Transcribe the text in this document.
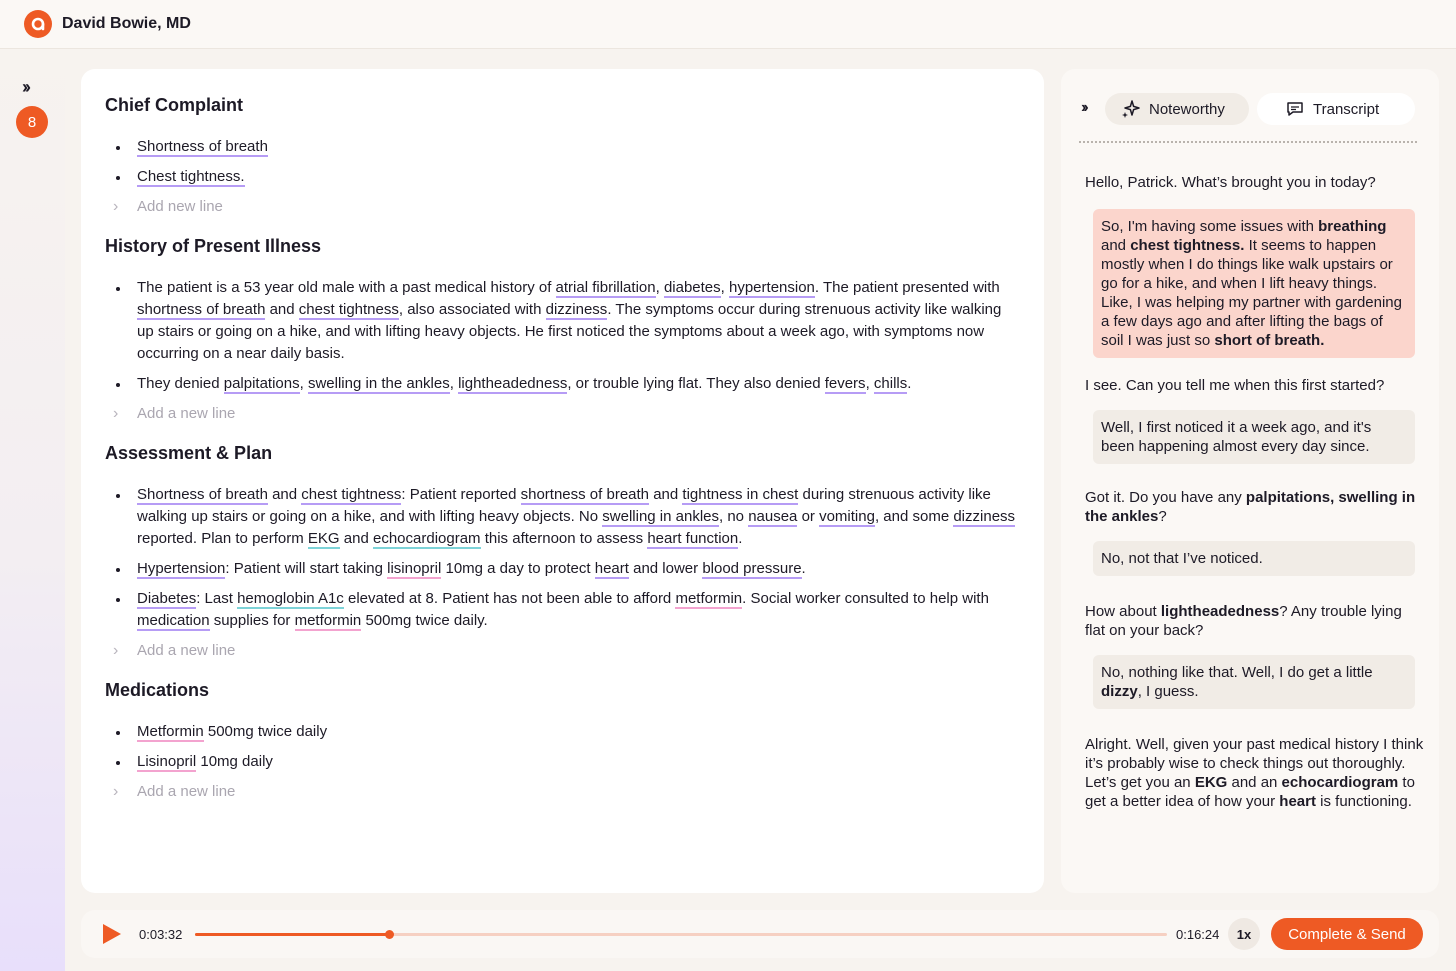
David Bowie, MD
››
8
Chief Complaint
Shortness of breath
Chest tightness.
› Add new line
History of Present Illness
The patient is a 53 year old male with a past medical history of atrial fibrillation, diabetes, hypertension. The patient presented with shortness of breath and chest tightness, also associated with dizziness. The symptoms occur during strenuous activity like walking up stairs or going on a hike, and with lifting heavy objects. He first noticed the symptoms about a week ago, with symptoms now occurring on a near daily basis.
They denied palpitations, swelling in the ankles, lightheadedness, or trouble lying flat. They also denied fevers, chills.
› Add a new line
Assessment & Plan
Shortness of breath and chest tightness: Patient reported shortness of breath and tightness in chest during strenuous activity like walking up stairs or going on a hike, and with lifting heavy objects. No swelling in ankles, no nausea or vomiting, and some dizziness reported. Plan to perform EKG and echocardiogram this afternoon to assess heart function.
Hypertension: Patient will start taking lisinopril 10mg a day to protect heart and lower blood pressure.
Diabetes: Last hemoglobin A1c elevated at 8. Patient has not been able to afford metformin. Social worker consulted to help with medication supplies for metformin 500mg twice daily.
› Add a new line
Medications
Metformin 500mg twice daily
Lisinopril 10mg daily
› Add a new line
››	Noteworthy	Transcript
Hello, Patrick. What’s brought you in today?
So, I'm having some issues with breathing and chest tightness. It seems to happen mostly when I do things like walk upstairs or go for a hike, and when I lift heavy things. Like, I was helping my partner with gardening a few days ago and after lifting the bags of soil I was just so short of breath.
I see. Can you tell me when this first started?
Well, I first noticed it a week ago, and it's been happening almost every day since.
Got it. Do you have any palpitations, swelling in the ankles?
No, not that I’ve noticed.
How about lightheadedness? Any trouble lying flat on your back?
No, nothing like that. Well, I do get a little dizzy, I guess.
Alright. Well, given your past medical history I think it’s probably wise to check things out thoroughly. Let’s get you an EKG and an echocardiogram to get a better idea of how your heart is functioning.
0:03:32	0:16:24	1x	Complete & Send
